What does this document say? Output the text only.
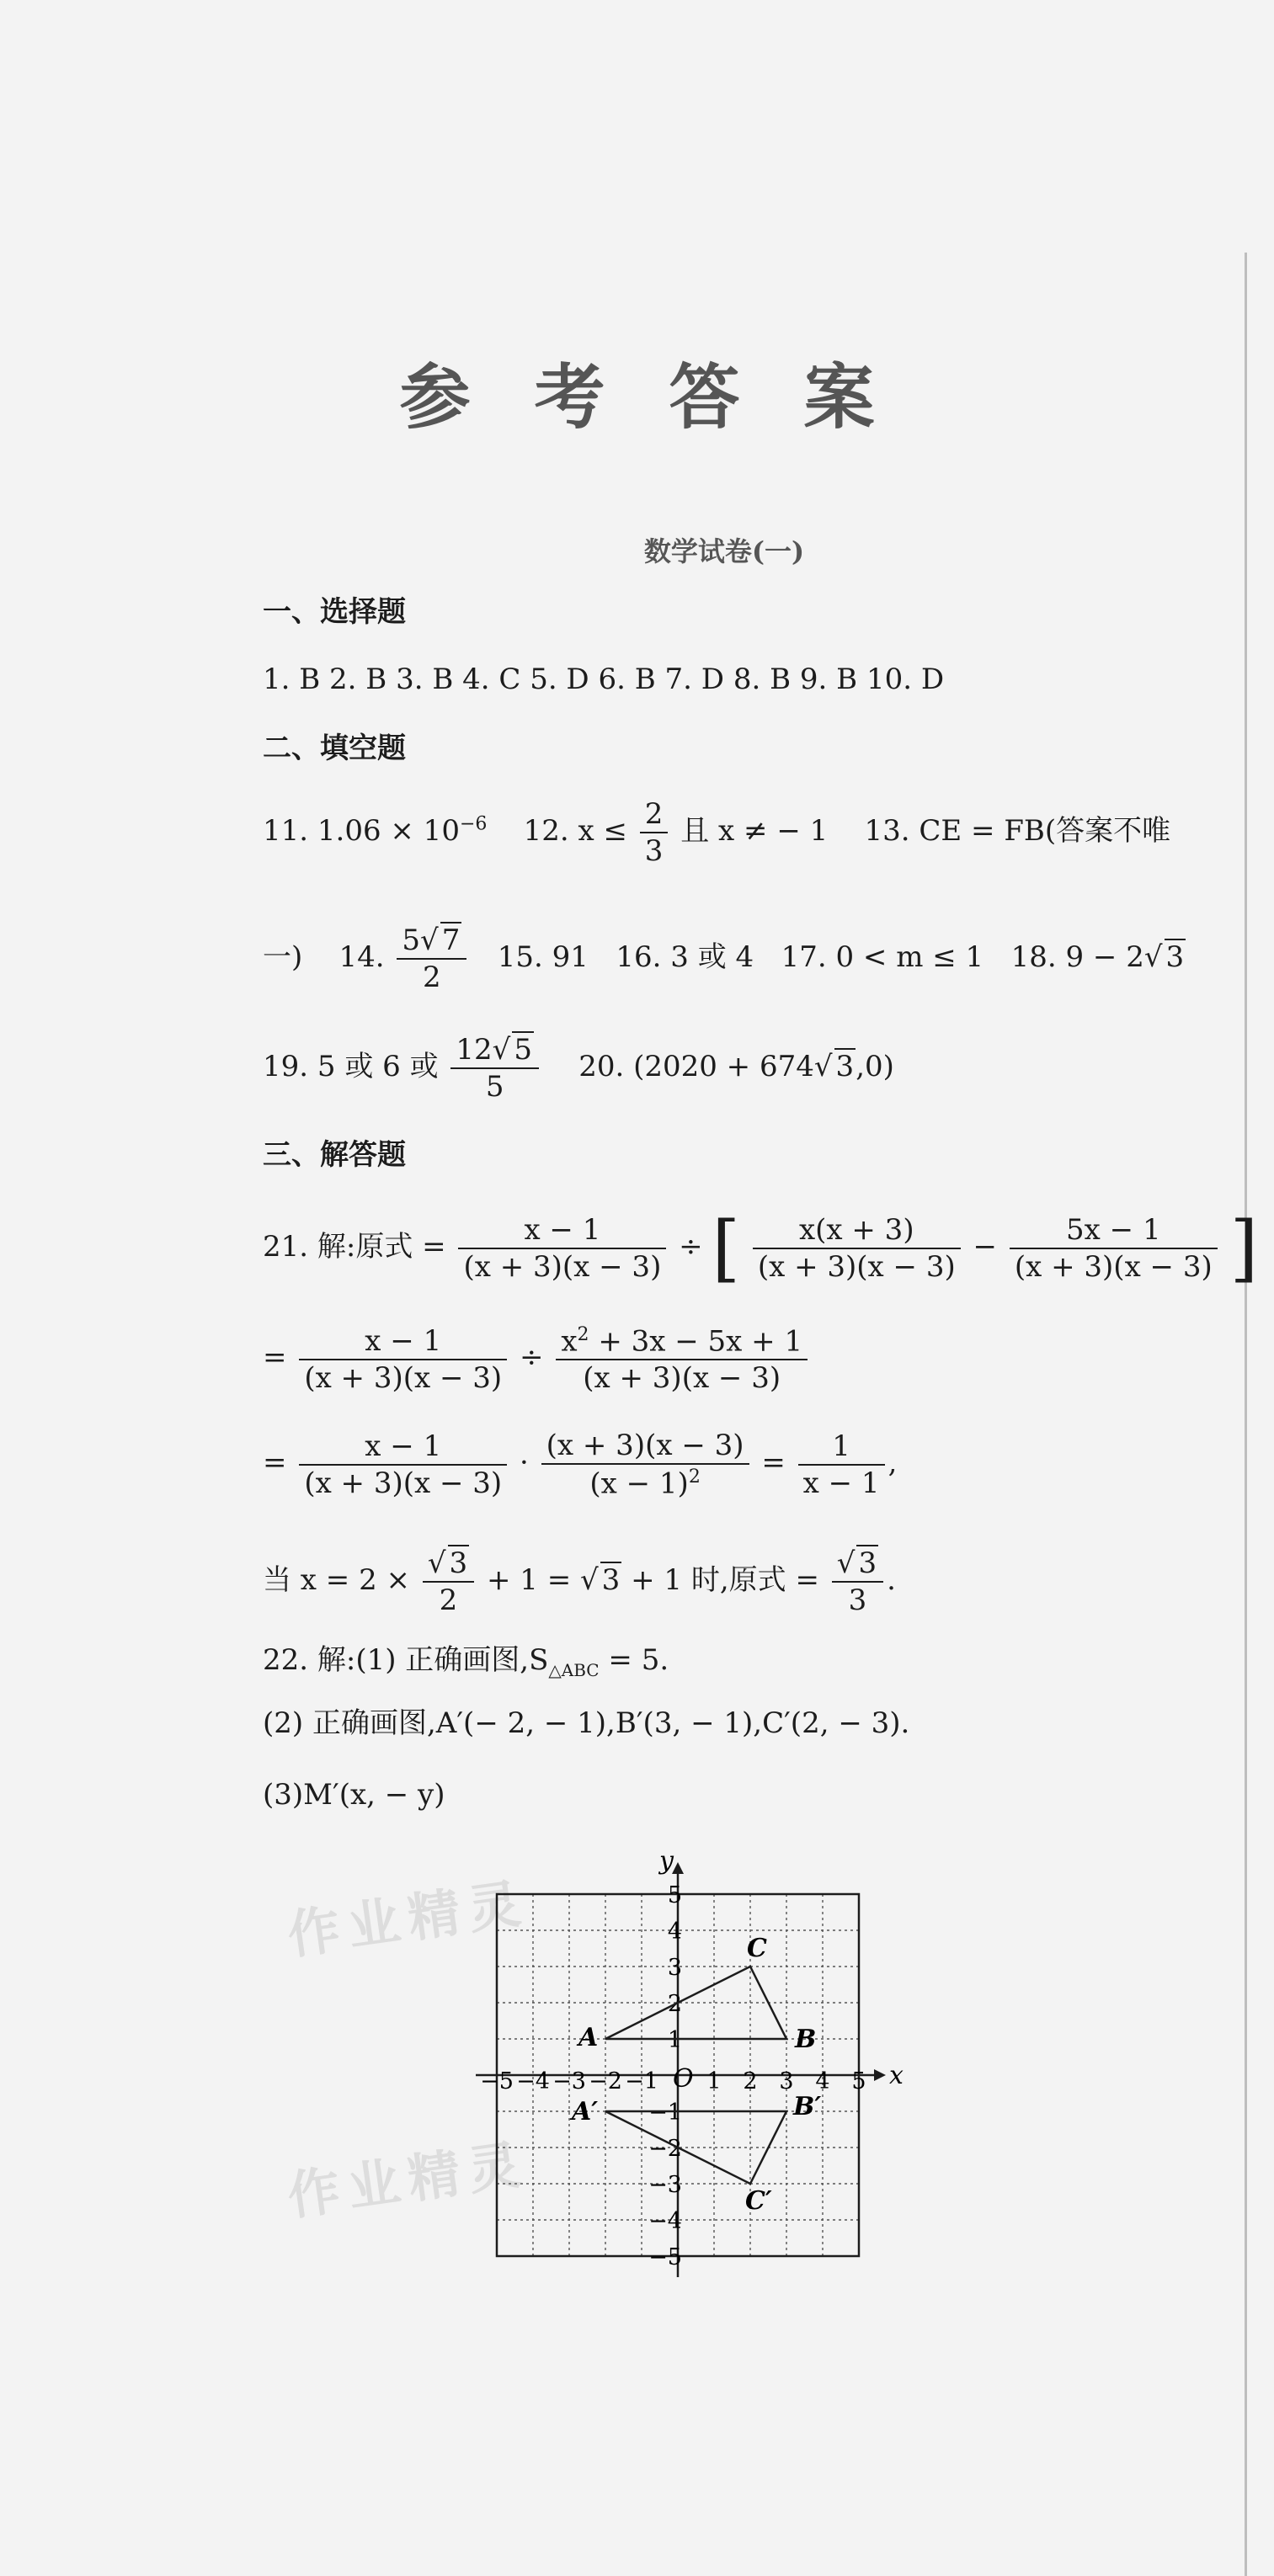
参 考 答 案
数学试卷(一)
一、选择题
1. B 2. B 3. B 4. C 5. D 6. B 7. D 8. B 9. B 10. D
二、填空题
11. $1.06 \times 10^{-6}$ 12. $x \le \frac{2}{3}$ 且 x ≠ − 1 13. CE = FB(答案不唯
一) 14. $\frac{5√ 7}{2} 15$. 91 16. 3 或 4 17. 0 < m ≤ 1 18. 9 − 2√ 3
19. 5 或 6 或 $\frac{12√ 5}{5} 20$. (2020 + 674√ 3,0)
三、解答题
21. 解:原式 = $\frac{x - 1}{(x + 3)(x - 3)}$ ÷ [ $\frac{x(x + 3)}{(x + 3)(x - 3)} - \frac{5x - 1}{(x + 3)(x - 3)}$ ]
= $\frac{x - 1}{(x + 3)(x - 3)} \div \frac{x^2 + 3x - 5x + 1}{(x + 3)(x - 3)}$
= $\frac{x - 1}{(x + 3)(x - 3)} \cdot \frac{(x + 3)(x - 3)}{(x - 1)^2} = \frac{1}{x - 1}$ ,
当 $x = 2 \times \frac{√ 3}{2} + 1$ = √ 3 + 1 时,原式 = $\frac{√ 3}{3}$ .
22. 解:(1) 正确画图$,S_{\triangle ABC} = 5$.
(2) 正确画图,A′(− 2, − 1),B′(3, − 1),C′(2, − 3).
(3)M′(x, − y)
作业精灵
作业精灵
x
y
O
−5 −4 −3 −2 −1 1 2 3 4 5
5
4
3
2
1
−1
−2
−3
−4
−5
A	B
C
A′	B′
C′
